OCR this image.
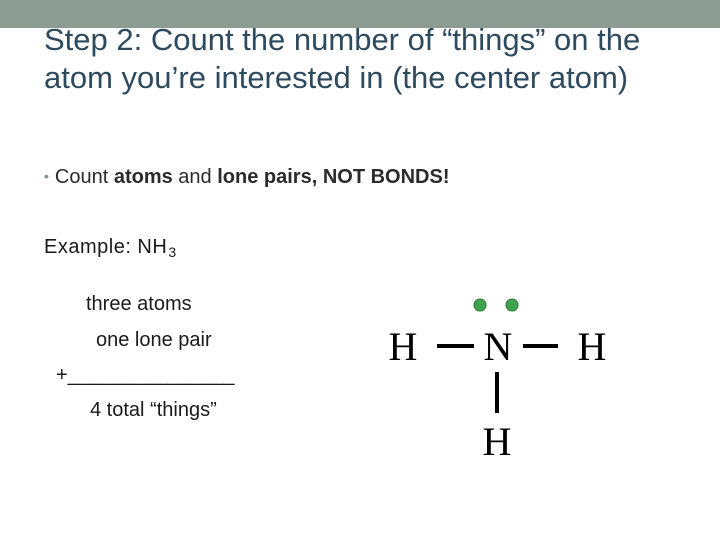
Step 2: Count the number of “things” on the atom you’re interested in (the center atom)
• Count atoms and lone pairs, NOT BONDS!
Example: $NH_3$
three atoms
one lone pair
+_______________
4 total “things”
H N H
H
